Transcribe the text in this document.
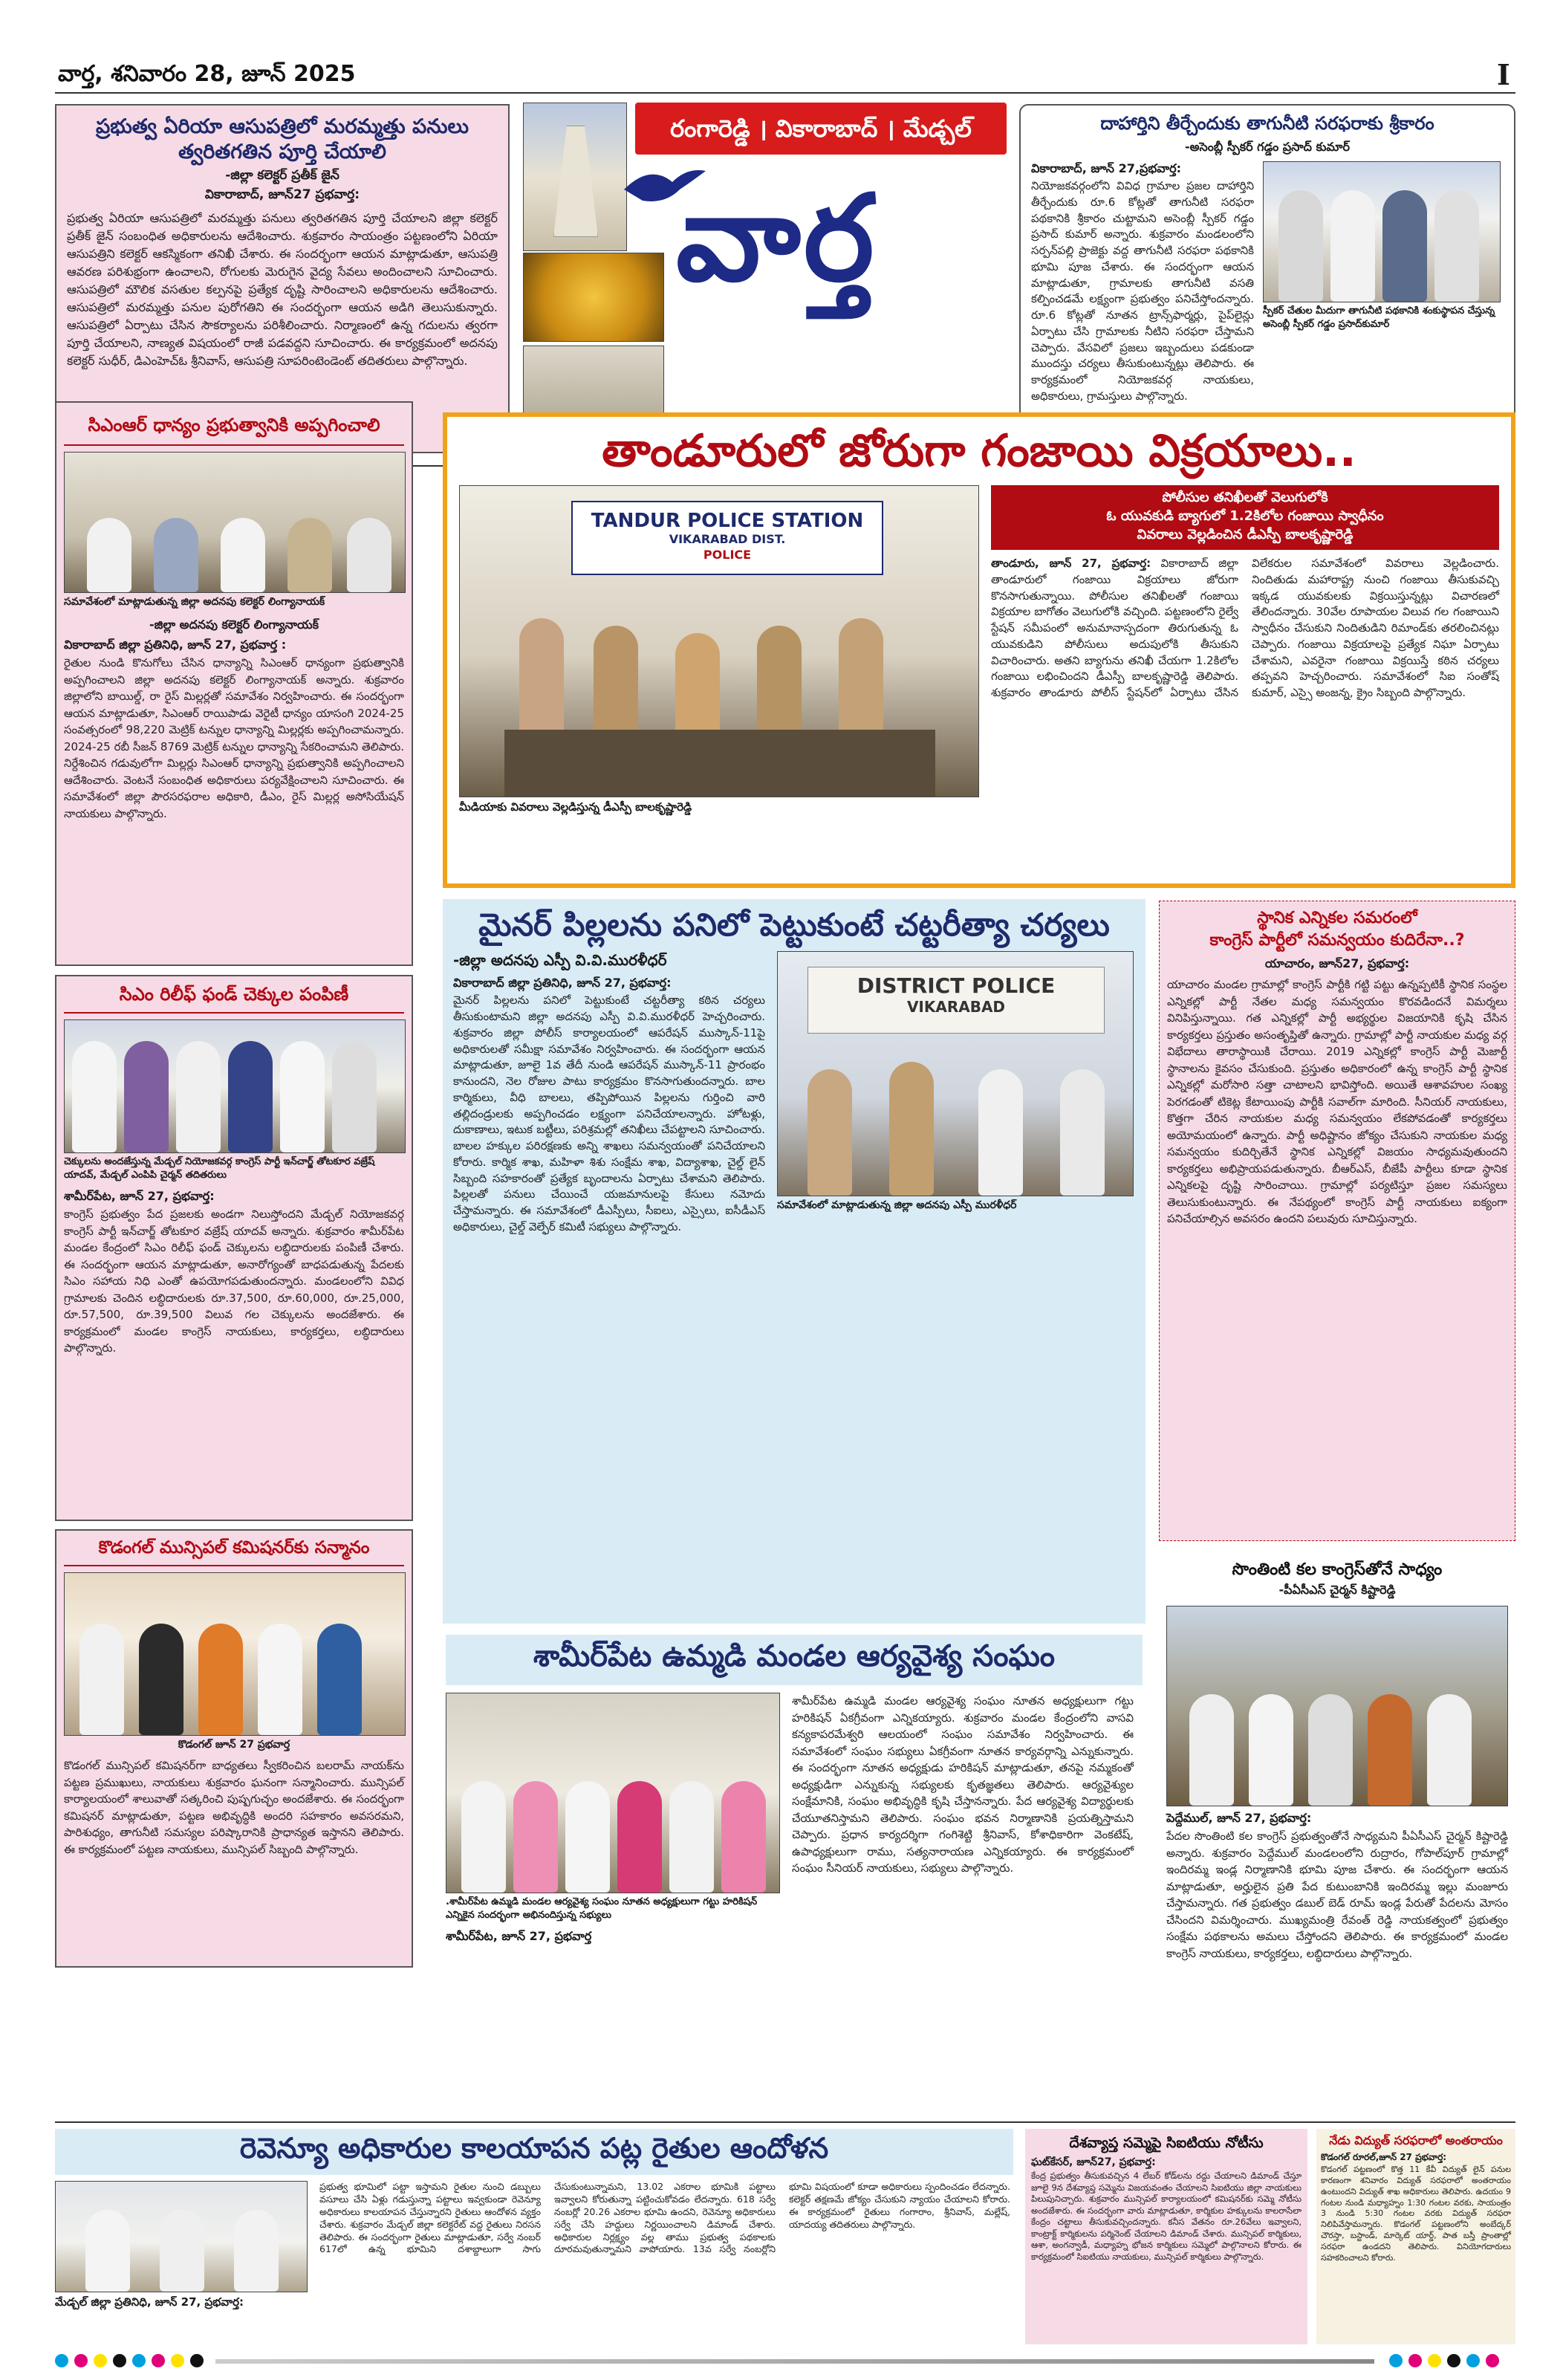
వార్త, శనివారం 28, జూన్ 2025	I
ప్రభుత్వ ఏరియా ఆసుపత్రిలో మరమ్మత్తు పనులు
త్వరితగతిన పూర్తి చేయాలి
-జిల్లా కలెక్టర్ ప్రతీక్ జైన్
వికారాబాద్, జూన్27 ప్రభవార్త:
ప్రభుత్వ ఏరియా ఆసుపత్రిలో మరమ్మత్తు పనులు త్వరితగతిన పూర్తి చేయాలని జిల్లా కలెక్టర్ ప్రతీక్ జైన్ సంబంధిత అధికారులను ఆదేశించారు. శుక్రవారం సాయంత్రం పట్టణంలోని ఏరియా ఆసుపత్రిని కలెక్టర్ ఆకస్మికంగా తనిఖీ చేశారు. ఈ సందర్భంగా ఆయన మాట్లాడుతూ, ఆసుపత్రి ఆవరణ పరిశుభ్రంగా ఉంచాలని, రోగులకు మెరుగైన వైద్య సేవలు అందించాలని సూచించారు. ఆసుపత్రిలో మౌలిక వసతుల కల్పనపై ప్రత్యేక దృష్టి సారించాలని అధికారులను ఆదేశించారు. ఆసుపత్రిలో మరమ్మత్తు పనుల పురోగతిని ఈ సందర్భంగా ఆయన అడిగి తెలుసుకున్నారు. ఆసుపత్రిలో ఏర్పాటు చేసిన సౌకర్యాలను పరిశీలించారు. నిర్మాణంలో ఉన్న గదులను త్వరగా పూర్తి చేయాలని, నాణ్యత విషయంలో రాజీ పడవద్దని సూచించారు. ఈ కార్యక్రమంలో అదనపు కలెక్టర్ సుధీర్, డిఎంహెచ్ఓ శ్రీనివాస్, ఆసుపత్రి సూపరింటెండెంట్ తదితరులు పాల్గొన్నారు.
రంగారెడ్డి । వికారాబాద్ । మేడ్చల్
వార్త
దాహార్తిని తీర్చేందుకు తాగునీటి సరఫరాకు శ్రీకారం
-అసెంబ్లీ స్పీకర్ గడ్డం ప్రసాద్ కుమార్
వికారాబాద్, జూన్ 27,ప్రభవార్త:
నియోజకవర్గంలోని వివిధ గ్రామాల ప్రజల దాహార్తిని తీర్చేందుకు రూ.6 కోట్లతో తాగునీటి సరఫరా పథకానికి శ్రీకారం చుట్టామని అసెంబ్లీ స్పీకర్ గడ్డం ప్రసాద్ కుమార్ అన్నారు. శుక్రవారం మండలంలోని సర్పన్‌పల్లి ప్రాజెక్టు వద్ద తాగునీటి సరఫరా పథకానికి భూమి పూజ చేశారు. ఈ సందర్భంగా ఆయన మాట్లాడుతూ, గ్రామాలకు తాగునీటి వసతి కల్పించడమే లక్ష్యంగా ప్రభుత్వం పనిచేస్తోందన్నారు. రూ.6 కోట్లతో నూతన ట్రాన్స్‌ఫార్మర్లు, పైప్‌లైన్లు ఏర్పాటు చేసి గ్రామాలకు నీటిని సరఫరా చేస్తామని చెప్పారు. వేసవిలో ప్రజలు ఇబ్బందులు పడకుండా ముందస్తు చర్యలు తీసుకుంటున్నట్లు తెలిపారు. ఈ కార్యక్రమంలో నియోజకవర్గ నాయకులు, అధికారులు, గ్రామస్తులు పాల్గొన్నారు.
స్పీకర్ చేతుల మీదుగా తాగునీటి పథకానికి శంకుస్థాపన చేస్తున్న అసెంబ్లీ స్పీకర్ గడ్డం ప్రసాద్‌కుమార్
సిఎంఆర్ ధాన్యం ప్రభుత్వానికి అప్పగించాలి
సమావేశంలో మాట్లాడుతున్న జిల్లా అదనపు కలెక్టర్ లింగ్యానాయక్
-జిల్లా అదనపు కలెక్టర్ లింగ్యానాయక్
వికారాబాద్ జిల్లా ప్రతినిధి, జూన్ 27, ప్రభవార్త :
రైతుల నుండి కొనుగోలు చేసిన ధాన్యాన్ని సిఎంఆర్ ధాన్యంగా ప్రభుత్వానికి అప్పగించాలని జిల్లా అదనపు కలెక్టర్ లింగ్యానాయక్ అన్నారు. శుక్రవారం జిల్లాలోని బాయిల్డ్, రా రైస్ మిల్లర్లతో సమావేశం నిర్వహించారు. ఈ సందర్భంగా ఆయన మాట్లాడుతూ, సిఎంఆర్ రాయిపాడు వెరైటీ ధాన్యం యాసంగి 2024-25 సంవత్సరంలో 98,220 మెట్రిక్ టన్నుల ధాన్యాన్ని మిల్లర్లకు అప్పగించామన్నారు. 2024-25 రబీ సీజన్ 8769 మెట్రిక్ టన్నుల ధాన్యాన్ని సేకరించామని తెలిపారు. నిర్దేశించిన గడువులోగా మిల్లర్లు సిఎంఆర్ ధాన్యాన్ని ప్రభుత్వానికి అప్పగించాలని ఆదేశించారు. వెంటనే సంబంధిత అధికారులు పర్యవేక్షించాలని సూచించారు. ఈ సమావేశంలో జిల్లా పౌరసరఫరాల అధికారి, డీఎం, రైస్ మిల్లర్ల అసోసియేషన్ నాయకులు పాల్గొన్నారు.
సిఎం రిలీఫ్ ఫండ్ చెక్కుల పంపిణీ
చెక్కులను అందజేస్తున్న మేడ్చల్ నియోజకవర్గ కాంగ్రెస్ పార్టీ ఇన్‌చార్జ్ తోటకూర వజ్రేష్ యాదవ్, మేడ్చల్ ఎంపిపి చైర్మన్ తదితరులు
శామీర్‌పేట, జూన్ 27, ప్రభవార్త:
కాంగ్రెస్ ప్రభుత్వం పేద ప్రజలకు అండగా నిలుస్తోందని మేడ్చల్ నియోజకవర్గ కాంగ్రెస్ పార్టీ ఇన్‌చార్జ్ తోటకూర వజ్రేష్ యాదవ్ అన్నారు. శుక్రవారం శామీర్‌పేట మండల కేంద్రంలో సిఎం రిలీఫ్ ఫండ్ చెక్కులను లబ్ధిదారులకు పంపిణీ చేశారు. ఈ సందర్భంగా ఆయన మాట్లాడుతూ, అనారోగ్యంతో బాధపడుతున్న పేదలకు సిఎం సహాయ నిధి ఎంతో ఉపయోగపడుతుందన్నారు. మండలంలోని వివిధ గ్రామాలకు చెందిన లబ్ధిదారులకు రూ.37,500, రూ.60,000, రూ.25,000, రూ.57,500, రూ.39,500 విలువ గల చెక్కులను అందజేశారు. ఈ కార్యక్రమంలో మండల కాంగ్రెస్ నాయకులు, కార్యకర్తలు, లబ్ధిదారులు పాల్గొన్నారు.
కొడంగల్ మున్సిపల్ కమిషనర్‌కు సన్మానం
కొడంగల్ జూన్ 27 ప్రభవార్త
కొడంగల్ మున్సిపల్ కమిషనర్‌గా బాధ్యతలు స్వీకరించిన బలరామ్ నాయక్‌ను పట్టణ ప్రముఖులు, నాయకులు శుక్రవారం ఘనంగా సన్మానించారు. మున్సిపల్ కార్యాలయంలో శాలువాతో సత్కరించి పుష్పగుచ్ఛం అందజేశారు. ఈ సందర్భంగా కమిషనర్ మాట్లాడుతూ, పట్టణ అభివృద్ధికి అందరి సహకారం అవసరమని, పారిశుధ్యం, తాగునీటి సమస్యల పరిష్కారానికి ప్రాధాన్యత ఇస్తానని తెలిపారు. ఈ కార్యక్రమంలో పట్టణ నాయకులు, మున్సిపల్ సిబ్బంది పాల్గొన్నారు.
తాండూరులో జోరుగా గంజాయి విక్రయాలు..
TANDUR POLICE STATION
VIKARABAD DIST.
POLICE
మీడియాకు వివరాలు వెల్లడిస్తున్న డీఎస్పీ బాలకృష్ణారెడ్డి
పోలీసుల తనిఖీలతో వెలుగులోకి
ఓ యువకుడి బ్యాగులో 1.2కిలోల గంజాయి స్వాధీనం
వివరాలు వెల్లడించిన డీఎస్పీ బాలకృష్ణారెడ్డి
తాండూరు, జూన్ 27, ప్రభవార్త: వికారాబాద్ జిల్లా తాండూరులో గంజాయి విక్రయాలు జోరుగా కొనసాగుతున్నాయి. పోలీసుల తనిఖీలతో గంజాయి విక్రయాల బాగోతం వెలుగులోకి వచ్చింది. పట్టణంలోని రైల్వే స్టేషన్ సమీపంలో అనుమానాస్పదంగా తిరుగుతున్న ఓ యువకుడిని పోలీసులు అదుపులోకి తీసుకుని విచారించారు. అతని బ్యాగును తనిఖీ చేయగా 1.2కిలోల గంజాయి లభించిందని డీఎస్పీ బాలకృష్ణారెడ్డి తెలిపారు. శుక్రవారం తాండూరు పోలీస్ స్టేషన్‌లో ఏర్పాటు చేసిన విలేకరుల సమావేశంలో వివరాలు వెల్లడించారు. నిందితుడు మహారాష్ట్ర నుంచి గంజాయి తీసుకువచ్చి ఇక్కడ యువకులకు విక్రయిస్తున్నట్లు విచారణలో తేలిందన్నారు. 30వేల రూపాయల విలువ గల గంజాయిని స్వాధీనం చేసుకుని నిందితుడిని రిమాండ్‌కు తరలించినట్లు చెప్పారు. గంజాయి విక్రయాలపై ప్రత్యేక నిఘా ఏర్పాటు చేశామని, ఎవరైనా గంజాయి విక్రయిస్తే కఠిన చర్యలు తప్పవని హెచ్చరించారు. సమావేశంలో సిఐ సంతోష్ కుమార్, ఎస్సై అంజన్న, క్రైం సిబ్బంది పాల్గొన్నారు.
మైనర్ పిల్లలను పనిలో పెట్టుకుంటే చట్టరీత్యా చర్యలు
-జిల్లా అదనపు ఎస్పీ వి.వి.మురళీధర్
వికారాబాద్ జిల్లా ప్రతినిధి, జూన్ 27, ప్రభవార్త:
మైనర్ పిల్లలను పనిలో పెట్టుకుంటే చట్టరీత్యా కఠిన చర్యలు తీసుకుంటామని జిల్లా అదనపు ఎస్పీ వి.వి.మురళీధర్ హెచ్చరించారు. శుక్రవారం జిల్లా పోలీస్ కార్యాలయంలో ఆపరేషన్ ముస్కాన్-11పై అధికారులతో సమీక్షా సమావేశం నిర్వహించారు. ఈ సందర్భంగా ఆయన మాట్లాడుతూ, జూలై 1వ తేదీ నుండి ఆపరేషన్ ముస్కాన్-11 ప్రారంభం కానుందని, నెల రోజుల పాటు కార్యక్రమం కొనసాగుతుందన్నారు. బాల కార్మికులు, వీధి బాలలు, తప్పిపోయిన పిల్లలను గుర్తించి వారి తల్లిదండ్రులకు అప్పగించడం లక్ష్యంగా పనిచేయాలన్నారు. హోటళ్లు, దుకాణాలు, ఇటుక బట్టీలు, పరిశ్రమల్లో తనిఖీలు చేపట్టాలని సూచించారు. బాలల హక్కుల పరిరక్షణకు అన్ని శాఖలు సమన్వయంతో పనిచేయాలని కోరారు. కార్మిక శాఖ, మహిళా శిశు సంక్షేమ శాఖ, విద్యాశాఖ, చైల్డ్ లైన్ సిబ్బంది సహకారంతో ప్రత్యేక బృందాలను ఏర్పాటు చేశామని తెలిపారు. పిల్లలతో పనులు చేయించే యజమానులపై కేసులు నమోదు చేస్తామన్నారు. ఈ సమావేశంలో డీఎస్పీలు, సీఐలు, ఎస్సైలు, ఐసీడీఎస్ అధికారులు, చైల్డ్ వెల్ఫేర్ కమిటీ సభ్యులు పాల్గొన్నారు.
DISTRICT POLICE
VIKARABAD
సమావేశంలో మాట్లాడుతున్న జిల్లా అదనపు ఎస్పీ మురళీధర్
స్థానిక ఎన్నికల సమరంలో
కాంగ్రెస్ పార్టీలో సమన్వయం కుదిరేనా..?
యాచారం, జూన్27, ప్రభవార్త:
యాచారం మండల గ్రామాల్లో కాంగ్రెస్ పార్టీకి గట్టి పట్టు ఉన్నప్పటికీ స్థానిక సంస్థల ఎన్నికల్లో పార్టీ నేతల మధ్య సమన్వయం కొరవడిందనే విమర్శలు వినిపిస్తున్నాయి. గత ఎన్నికల్లో పార్టీ అభ్యర్థుల విజయానికి కృషి చేసిన కార్యకర్తలు ప్రస్తుతం అసంతృప్తితో ఉన్నారు. గ్రామాల్లో పార్టీ నాయకుల మధ్య వర్గ విభేదాలు తారాస్థాయికి చేరాయి. 2019 ఎన్నికల్లో కాంగ్రెస్ పార్టీ మెజార్టీ స్థానాలను కైవసం చేసుకుంది. ప్రస్తుతం అధికారంలో ఉన్న కాంగ్రెస్ పార్టీ స్థానిక ఎన్నికల్లో మరోసారి సత్తా చాటాలని భావిస్తోంది. అయితే ఆశావహుల సంఖ్య పెరగడంతో టికెట్ల కేటాయింపు పార్టీకి సవాల్‌గా మారింది. సీనియర్ నాయకులు, కొత్తగా చేరిన నాయకుల మధ్య సమన్వయం లేకపోవడంతో కార్యకర్తలు అయోమయంలో ఉన్నారు. పార్టీ అధిష్టానం జోక్యం చేసుకుని నాయకుల మధ్య సమన్వయం కుదిర్చితేనే స్థానిక ఎన్నికల్లో విజయం సాధ్యమవుతుందని కార్యకర్తలు అభిప్రాయపడుతున్నారు. బీఆర్ఎస్, బీజేపీ పార్టీలు కూడా స్థానిక ఎన్నికలపై దృష్టి సారించాయి. గ్రామాల్లో పర్యటిస్తూ ప్రజల సమస్యలు తెలుసుకుంటున్నారు. ఈ నేపథ్యంలో కాంగ్రెస్ పార్టీ నాయకులు ఐక్యంగా పనిచేయాల్సిన అవసరం ఉందని పలువురు సూచిస్తున్నారు.
శామీర్‌పేట ఉమ్మడి మండల ఆర్యవైశ్య సంఘం
.శామీర్‌పేట ఉమ్మడి మండల ఆర్యవైశ్య సంఘం నూతన అధ్యక్షులుగా గట్టు హరికిషన్ ఎన్నికైన సందర్భంగా అభినందిస్తున్న సభ్యులు
శామీర్‌పేట, జూన్ 27, ప్రభవార్త
శామీర్‌పేట ఉమ్మడి మండల ఆర్యవైశ్య సంఘం నూతన అధ్యక్షులుగా గట్టు హరికిషన్ ఏకగ్రీవంగా ఎన్నికయ్యారు. శుక్రవారం మండల కేంద్రంలోని వాసవి కన్యకాపరమేశ్వరి ఆలయంలో సంఘం సమావేశం నిర్వహించారు. ఈ సమావేశంలో సంఘం సభ్యులు ఏకగ్రీవంగా నూతన కార్యవర్గాన్ని ఎన్నుకున్నారు. ఈ సందర్భంగా నూతన అధ్యక్షుడు హరికిషన్ మాట్లాడుతూ, తనపై నమ్మకంతో అధ్యక్షుడిగా ఎన్నుకున్న సభ్యులకు కృతజ్ఞతలు తెలిపారు. ఆర్యవైశ్యుల సంక్షేమానికి, సంఘం అభివృద్ధికి కృషి చేస్తానన్నారు. పేద ఆర్యవైశ్య విద్యార్థులకు చేయూతనిస్తామని తెలిపారు. సంఘం భవన నిర్మాణానికి ప్రయత్నిస్తామని చెప్పారు. ప్రధాన కార్యదర్శిగా గంగిశెట్టి శ్రీనివాస్, కోశాధికారిగా వెంకటేష్, ఉపాధ్యక్షులుగా రాము, సత్యనారాయణ ఎన్నికయ్యారు. ఈ కార్యక్రమంలో సంఘం సీనియర్ నాయకులు, సభ్యులు పాల్గొన్నారు.
సొంతింటి కల కాంగ్రెస్‌తోనే సాధ్యం
-పీఏసీఎస్ చైర్మన్ కిష్టారెడ్డి
పెద్దేముల్, జూన్ 27, ప్రభవార్త:
పేదల సొంతింటి కల కాంగ్రెస్ ప్రభుత్వంతోనే సాధ్యమని పీఏసీఎస్ చైర్మన్ కిష్టారెడ్డి అన్నారు. శుక్రవారం పెద్దేముల్ మండలంలోని రుద్రారం, గోపాల్‌పూర్ గ్రామాల్లో ఇందిరమ్మ ఇండ్ల నిర్మాణానికి భూమి పూజ చేశారు. ఈ సందర్భంగా ఆయన మాట్లాడుతూ, అర్హులైన ప్రతి పేద కుటుంబానికి ఇందిరమ్మ ఇల్లు మంజూరు చేస్తామన్నారు. గత ప్రభుత్వం డబుల్ బెడ్ రూమ్ ఇండ్ల పేరుతో పేదలను మోసం చేసిందని విమర్శించారు. ముఖ్యమంత్రి రేవంత్ రెడ్డి నాయకత్వంలో ప్రభుత్వం సంక్షేమ పథకాలను అమలు చేస్తోందని తెలిపారు. ఈ కార్యక్రమంలో మండల కాంగ్రెస్ నాయకులు, కార్యకర్తలు, లబ్ధిదారులు పాల్గొన్నారు.
రెవెన్యూ అధికారుల కాలయాపన పట్ల రైతుల ఆందోళన
మేడ్చల్ జిల్లా ప్రతినిధి, జూన్ 27, ప్రభవార్త:
ప్రభుత్వ భూమిలో పట్టా ఇస్తామని రైతుల నుంచి డబ్బులు వసూలు చేసి ఏళ్లు గడుస్తున్నా పట్టాలు ఇవ్వకుండా రెవెన్యూ అధికారులు కాలయాపన చేస్తున్నారని రైతులు ఆందోళన వ్యక్తం చేశారు. శుక్రవారం మేడ్చల్ జిల్లా కలెక్టరేట్ వద్ద రైతులు నిరసన తెలిపారు. ఈ సందర్భంగా రైతులు మాట్లాడుతూ, సర్వే నంబర్ 617లో ఉన్న భూమిని దశాబ్దాలుగా సాగు చేసుకుంటున్నామని, 13.02 ఎకరాల భూమికి పట్టాలు ఇవ్వాలని కోరుతున్నా పట్టించుకోవడం లేదన్నారు. 618 సర్వే నంబర్లో 20.26 ఎకరాల భూమి ఉందని, రెవెన్యూ అధికారులు సర్వే చేసి హద్దులు నిర్ణయించాలని డిమాండ్ చేశారు. అధికారుల నిర్లక్ష్యం వల్ల తాము ప్రభుత్వ పథకాలకు దూరమవుతున్నామని వాపోయారు. 13వ సర్వే నంబర్లోని భూమి విషయంలో కూడా అధికారులు స్పందించడం లేదన్నారు. కలెక్టర్ తక్షణమే జోక్యం చేసుకుని న్యాయం చేయాలని కోరారు. ఈ కార్యక్రమంలో రైతులు గంగారాం, శ్రీనివాస్, మల్లేష్, యాదయ్య తదితరులు పాల్గొన్నారు.
దేశవ్యాప్త సమ్మెపై సిఐటియు నోటీసు
ఘట్‌కేసర్, జూన్27, ప్రభవార్త:
కేంద్ర ప్రభుత్వం తీసుకువచ్చిన 4 లేబర్ కోడ్‌లను రద్దు చేయాలని డిమాండ్ చేస్తూ జూలై 9న దేశవ్యాప్త సమ్మెను విజయవంతం చేయాలని సిఐటియు జిల్లా నాయకులు పిలుపునిచ్చారు. శుక్రవారం మున్సిపల్ కార్యాలయంలో కమిషనర్‌కు సమ్మె నోటీసు అందజేశారు. ఈ సందర్భంగా వారు మాట్లాడుతూ, కార్మికుల హక్కులను కాలరాసేలా కేంద్రం చట్టాలు తీసుకువచ్చిందన్నారు. కనీస వేతనం రూ.26వేలు ఇవ్వాలని, కాంట్రాక్ట్ కార్మికులను పర్మినెంట్ చేయాలని డిమాండ్ చేశారు. మున్సిపల్ కార్మికులు, ఆశా, అంగన్వాడీ, మధ్యాహ్న భోజన కార్మికులు సమ్మెలో పాల్గొనాలని కోరారు. ఈ కార్యక్రమంలో సిఐటియు నాయకులు, మున్సిపల్ కార్మికులు పాల్గొన్నారు.
నేడు విద్యుత్ సరఫరాలో అంతరాయం
కొడంగల్ రూరల్,జూన్ 27 ప్రభవార్త:
కొడంగల్ పట్టణంలో కొత్త 11 కేవీ విద్యుత్ లైన్ పనుల కారణంగా శనివారం విద్యుత్ సరఫరాలో అంతరాయం ఉంటుందని విద్యుత్ శాఖ అధికారులు తెలిపారు. ఉదయం 9 గంటల నుండి మధ్యాహ్నం 1:30 గంటల వరకు, సాయంత్రం 3 నుండి 5:30 గంటల వరకు విద్యుత్ సరఫరా నిలిపివేస్తామన్నారు. కొడంగల్ పట్టణంలోని అంబేద్కర్ చౌరస్తా, బస్టాండ్, మార్కెట్ యార్డ్, పాత బస్తీ ప్రాంతాల్లో సరఫరా ఉండదని తెలిపారు. వినియోగదారులు సహకరించాలని కోరారు.
